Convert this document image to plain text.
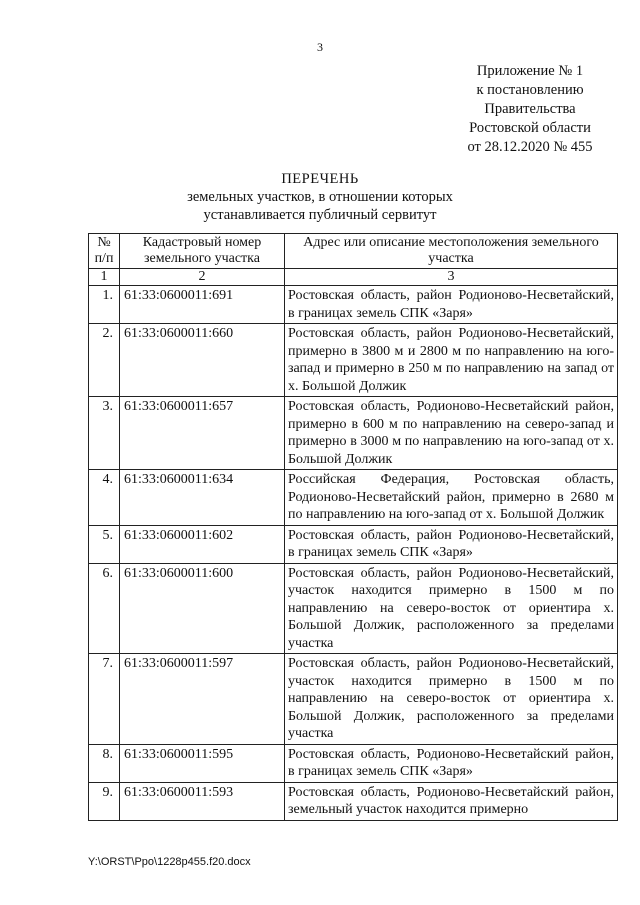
3
Приложение № 1
к постановлению
Правительства
Ростовской области
от 28.12.2020 № 455
ПЕРЕЧЕНЬ
земельных участков, в отношении которых
устанавливается публичный сервитут
№ п/п	Кадастровый номер земельного участка	Адрес или описание местоположения земельного участка
1	2	3
1.	61:33:0600011:691	Ростовская область, район Родионово-Несветайский, в границах земель СПК «Заря»
2.	61:33:0600011:660	Ростовская область, район Родионово-Несветайский, примерно в 3800 м и 2800 м по направлению на юго-запад и примерно в 250 м по направлению на запад от х. Большой Должик
3.	61:33:0600011:657	Ростовская область, Родионово-Несветайский район, примерно в 600 м по направлению на северо-запад и примерно в 3000 м по направлению на юго-запад от х. Большой Должик
4.	61:33:0600011:634	Российская Федерация, Ростовская область, Родионово-Несветайский район, примерно в 2680 м по направлению на юго-запад от х. Большой Должик
5.	61:33:0600011:602	Ростовская область, район Родионово-Несветайский, в границах земель СПК «Заря»
6.	61:33:0600011:600	Ростовская область, район Родионово-Несветайский, участок находится примерно в 1500 м по направлению на северо-восток от ориентира х. Большой Должик, расположенного за пределами участка
7.	61:33:0600011:597	Ростовская область, район Родионово-Несветайский, участок находится примерно в 1500 м по направлению на северо-восток от ориентира х. Большой Должик, расположенного за пределами участка
8.	61:33:0600011:595	Ростовская область, Родионово-Несветайский район, в границах земель СПК «Заря»
9.	61:33:0600011:593	Ростовская область, Родионово-Несветайский район, земельный участок находится примерно
Y:\ORST\Ppo\1228p455.f20.docx
